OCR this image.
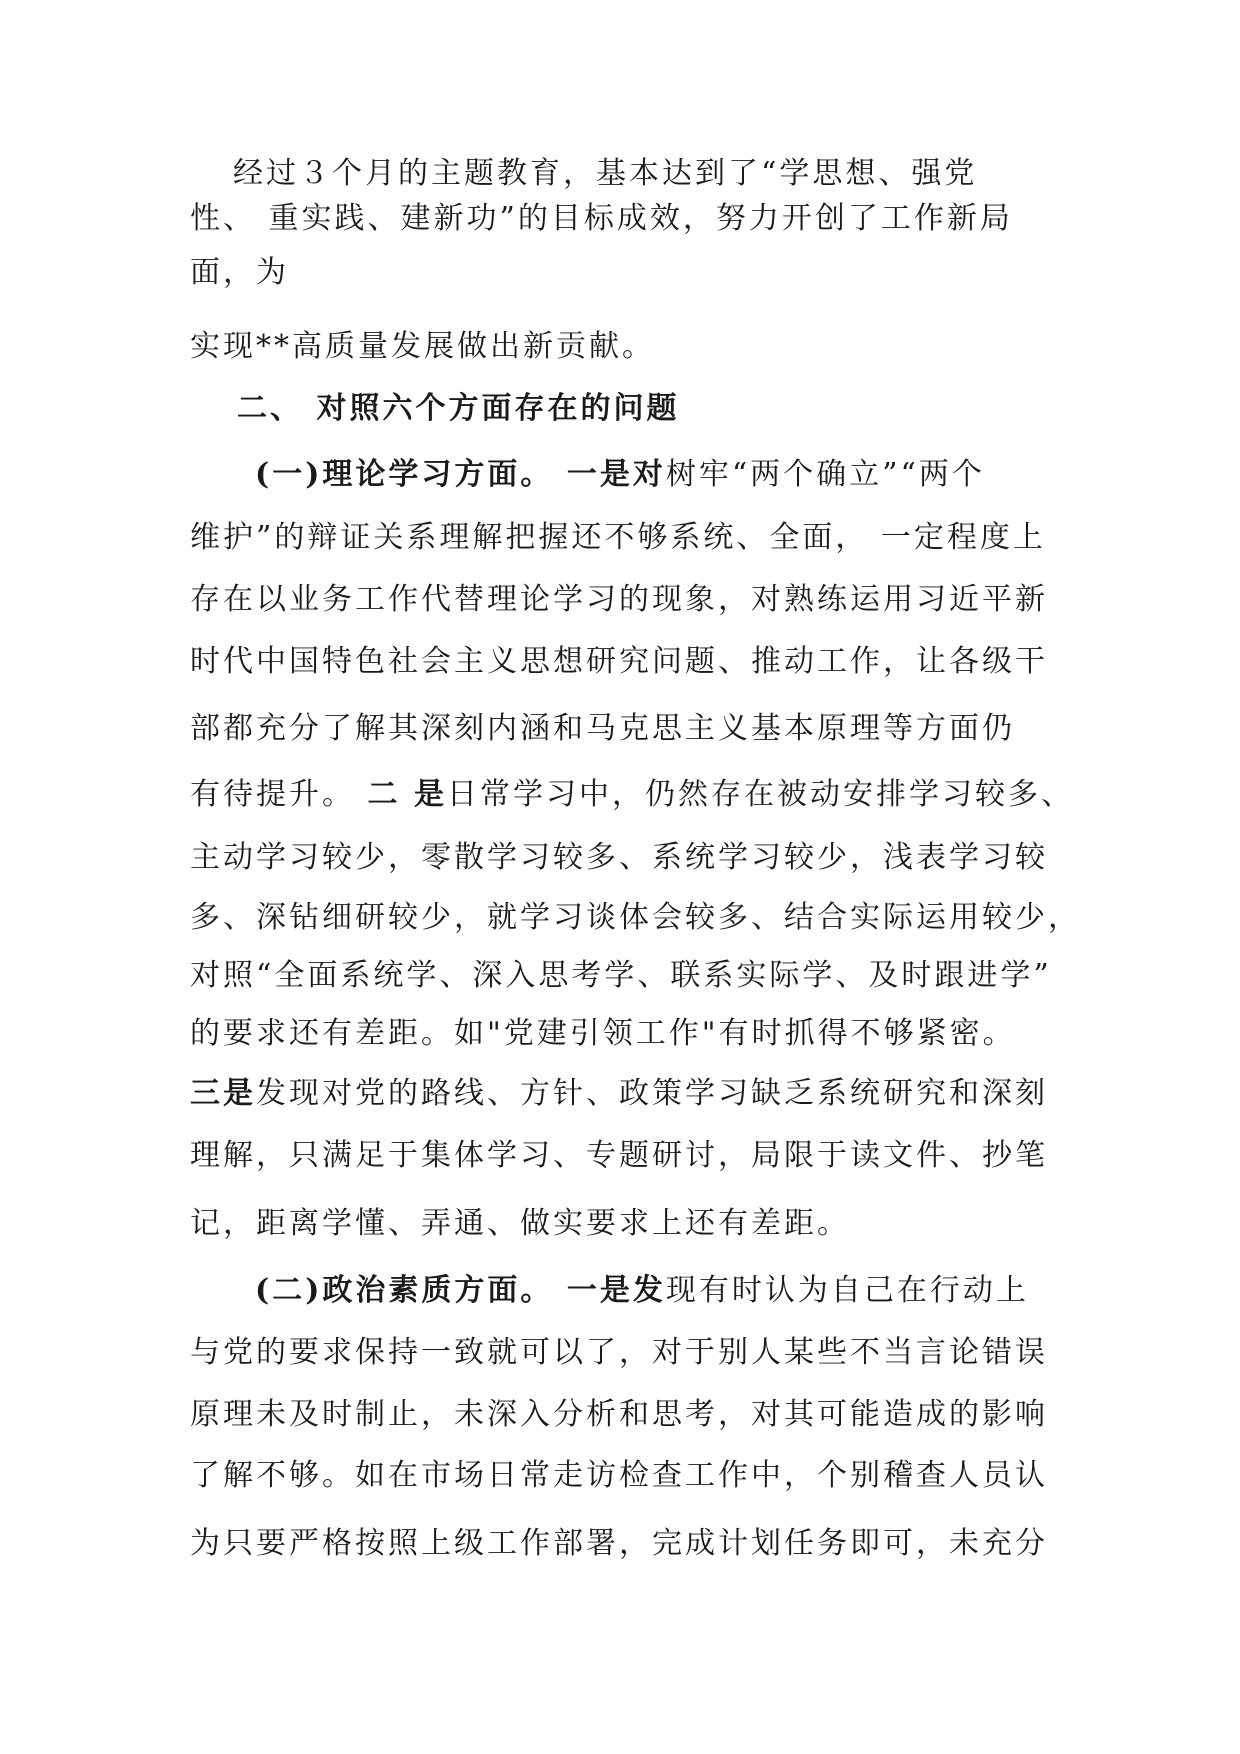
经过３个月的主题教育，基本达到了“学思想、强党
性、 重实践、建新功”的目标成效，努力开创了工作新局
面，为
实现**高质量发展做出新贡献。
二、 对照六个方面存在的问题
(一)理论学习方面。 一是对树牢“两个确立”“两个
维护”的辩证关系理解把握还不够系统、全面， 一定程度上
存在以业务工作代替理论学习的现象，对熟练运用习近平新
时代中国特色社会主义思想研究问题、推动工作，让各级干
部都充分了解其深刻内涵和马克思主义基本原理等方面仍
有待提升。 二 是日常学习中，仍然存在被动安排学习较多、
主动学习较少，零散学习较多、系统学习较少，浅表学习较
多、深钻细研较少，就学习谈体会较多、结合实际运用较少，
对照“全面系统学、深入思考学、联系实际学、及时跟进学”
的要求还有差距。如"党建引领工作"有时抓得不够紧密。
三是发现对党的路线、方针、政策学习缺乏系统研究和深刻
理解，只满足于集体学习、专题研讨，局限于读文件、抄笔
记，距离学懂、弄通、做实要求上还有差距。
(二)政治素质方面。 一是发现有时认为自己在行动上
与党的要求保持一致就可以了，对于别人某些不当言论错误
原理未及时制止，未深入分析和思考，对其可能造成的影响
了解不够。如在市场日常走访检查工作中，个别稽查人员认
为只要严格按照上级工作部署，完成计划任务即可，未充分
